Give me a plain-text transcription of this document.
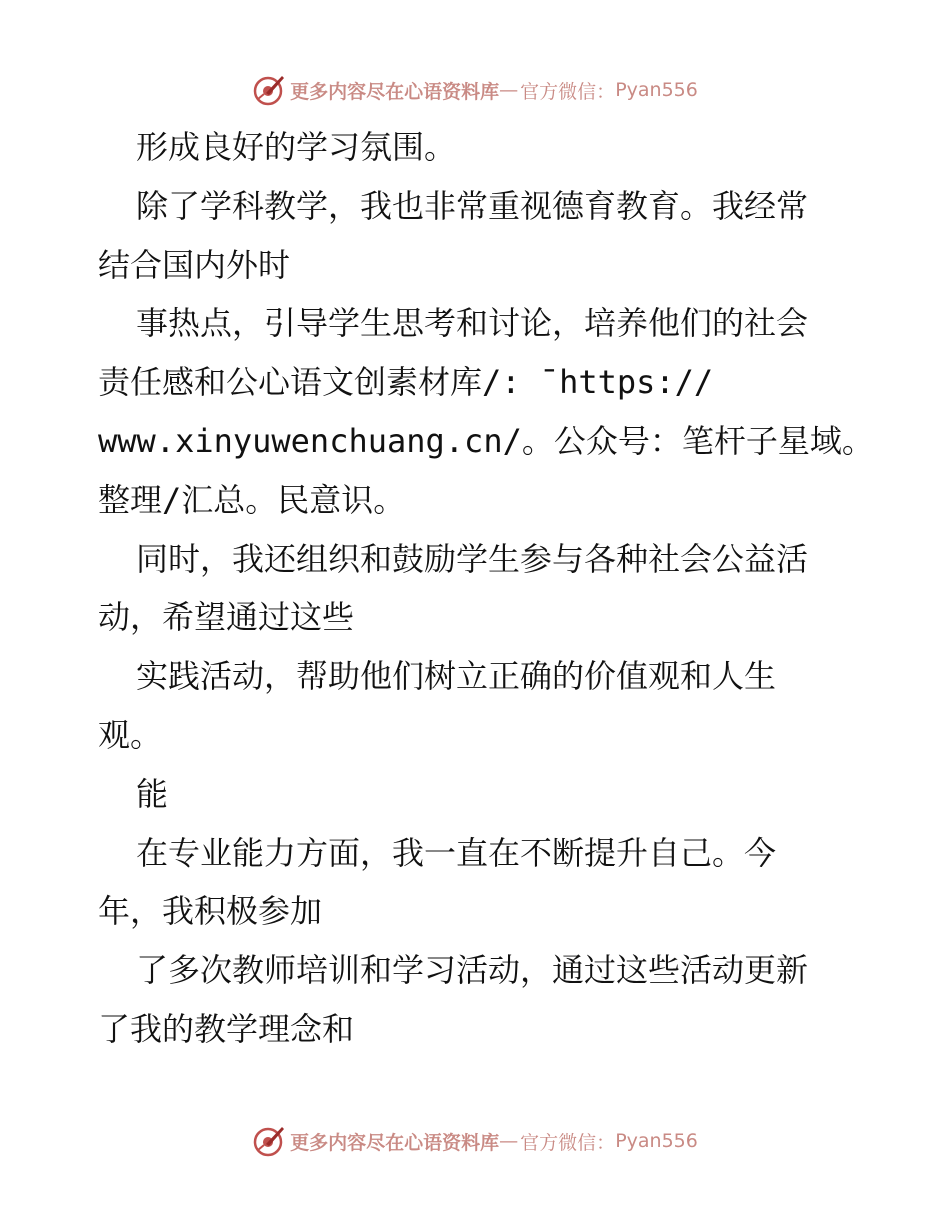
更多内容尽在心语资料库 — 官方微信： Pyan556
形成良好的学习氛围。
除了学科教学，我也非常重视德育教育。我经常
结合国内外时
事热点，引导学生思考和讨论，培养他们的社会
责任感和公心语文创素材库/: ¯https://
www.xinyuwenchuang.cn/。公众号：笔杆子星域。
整理/汇总。民意识。
同时，我还组织和鼓励学生参与各种社会公益活
动，希望通过这些
实践活动，帮助他们树立正确的价值观和人生
观。
能
在专业能力方面，我一直在不断提升自己。今
年，我积极参加
了多次教师培训和学习活动，通过这些活动更新
了我的教学理念和
更多内容尽在心语资料库 — 官方微信： Pyan556
